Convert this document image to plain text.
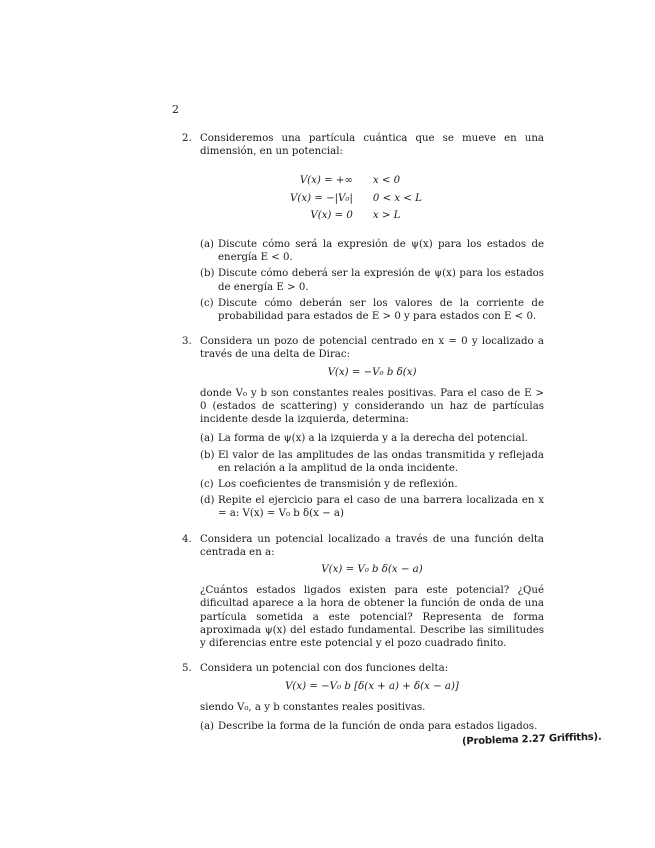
2
2. Consideremos una partícula cuántica que se mueve en una dimensión, en un potencial:

V(x) = +∞	x < 0
V(x) = −|V₀|	0 < x < L
V(x) = 0	x > L
(a) Discute cómo será la expresión de ψ(x) para los estados de energía E < 0.
(b) Discute cómo deberá ser la expresión de ψ(x) para los estados de energía E > 0.
(c) Discute cómo deberán ser los valores de la corriente de probabilidad para estados de E > 0 y para estados con E < 0.
3. Considera un pozo de potencial centrado en x = 0 y localizado a través de una delta de Dirac:

V(x) = −V₀ b δ(x)

donde V₀ y b son constantes reales positivas. Para el caso de E > 0 (estados de scattering) y considerando un haz de partículas incidente desde la izquierda, determina:

(a) La forma de ψ(x) a la izquierda y a la derecha del potencial.
(b) El valor de las amplitudes de las ondas transmitida y reflejada en relación a la amplitud de la onda incidente.
(c) Los coeficientes de transmisión y de reflexión.
(d) Repite el ejercicio para el caso de una barrera localizada en x = a: V(x) = V₀ b δ(x − a)
4. Considera un potencial localizado a través de una función delta centrada en a:

V(x) = V₀ b δ(x − a)

¿Cuántos estados ligados existen para este potencial? ¿Qué dificultad aparece a la hora de obtener la función de onda de una partícula sometida a este potencial? Representa de forma aproximada ψ(x) del estado fundamental. Describe las similitudes y diferencias entre este potencial y el pozo cuadrado finito.

5. Considera un potencial con dos funciones delta:

V(x) = −V₀ b [δ(x + a) + δ(x − a)]

siendo V₀, a y b constantes reales positivas.

(a) Describe la forma de la función de onda para estados ligados.
(Problema 2.27 Griffiths).
